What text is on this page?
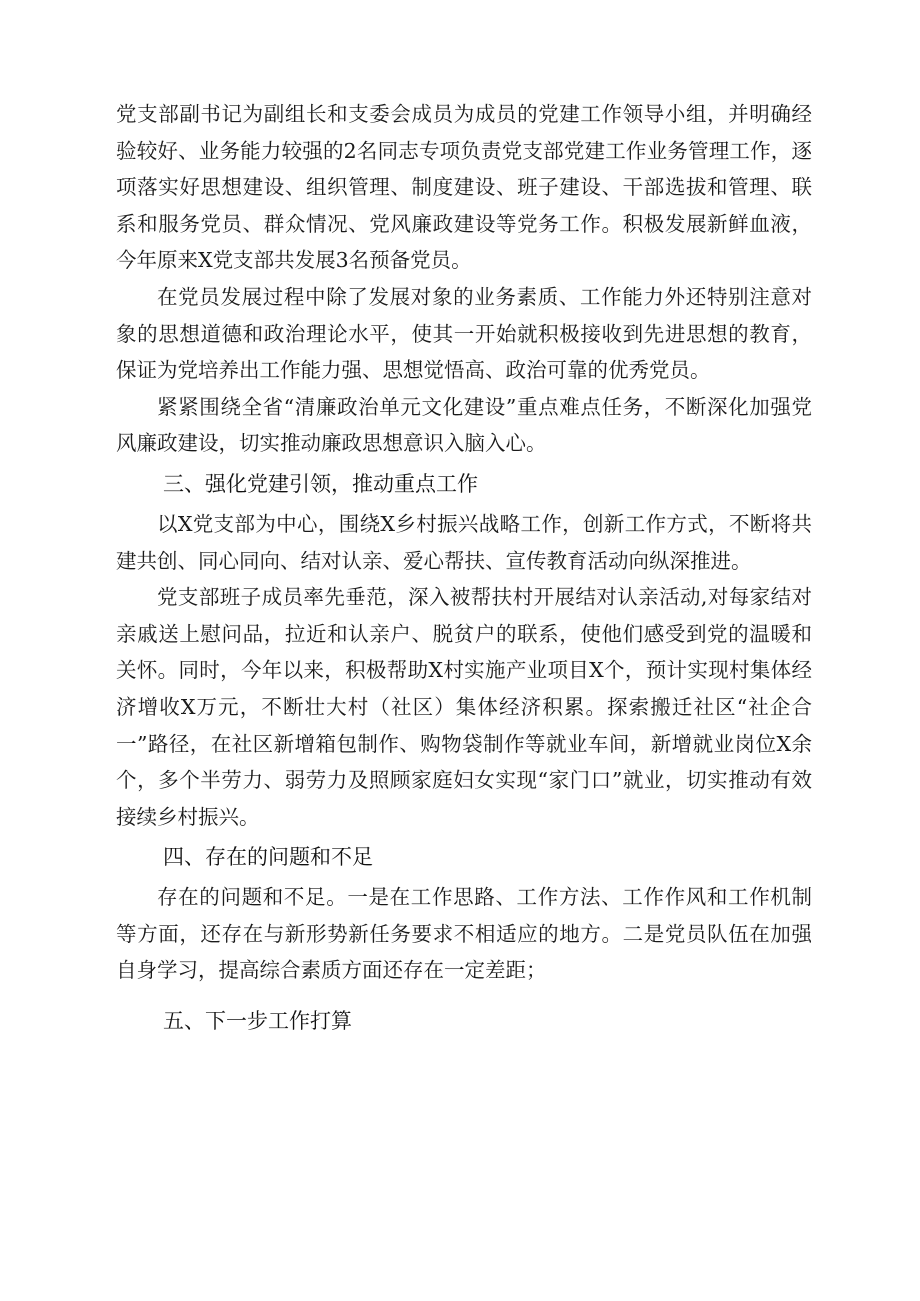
党支部副书记为副组长和支委会成员为成员的党建工作领导小组，并明确经验较好、业务能力较强的2名同志专项负责党支部党建工作业务管理工作，逐项落实好思想建设、组织管理、制度建设、班子建设、干部选拔和管理、联系和服务党员、群众情况、党风廉政建设等党务工作。积极发展新鲜血液，今年原来X党支部共发展3名预备党员。

在党员发展过程中除了发展对象的业务素质、工作能力外还特别注意对象的思想道德和政治理论水平，使其一开始就积极接收到先进思想的教育，保证为党培养出工作能力强、思想觉悟高、政治可靠的优秀党员。

紧紧围绕全省“清廉政治单元文化建设”重点难点任务，不断深化加强党风廉政建设，切实推动廉政思想意识入脑入心。

三、强化党建引领，推动重点工作

以X党支部为中心，围绕X乡村振兴战略工作，创新工作方式，不断将共建共创、同心同向、结对认亲、爱心帮扶、宣传教育活动向纵深推进。

党支部班子成员率先垂范，深入被帮扶村开展结对认亲活动,对每家结对亲戚送上慰问品，拉近和认亲户、脱贫户的联系，使他们感受到党的温暖和关怀。同时，今年以来，积极帮助X村实施产业项目X个，预计实现村集体经济增收X万元，不断壮大村（社区）集体经济积累。探索搬迁社区“社企合一”路径，在社区新增箱包制作、购物袋制作等就业车间，新增就业岗位X余个，多个半劳力、弱劳力及照顾家庭妇女实现“家门口”就业，切实推动有效接续乡村振兴。

四、存在的问题和不足

存在的问题和不足。一是在工作思路、工作方法、工作作风和工作机制等方面，还存在与新形势新任务要求不相适应的地方。二是党员队伍在加强自身学习，提高综合素质方面还存在一定差距；

五、下一步工作打算
